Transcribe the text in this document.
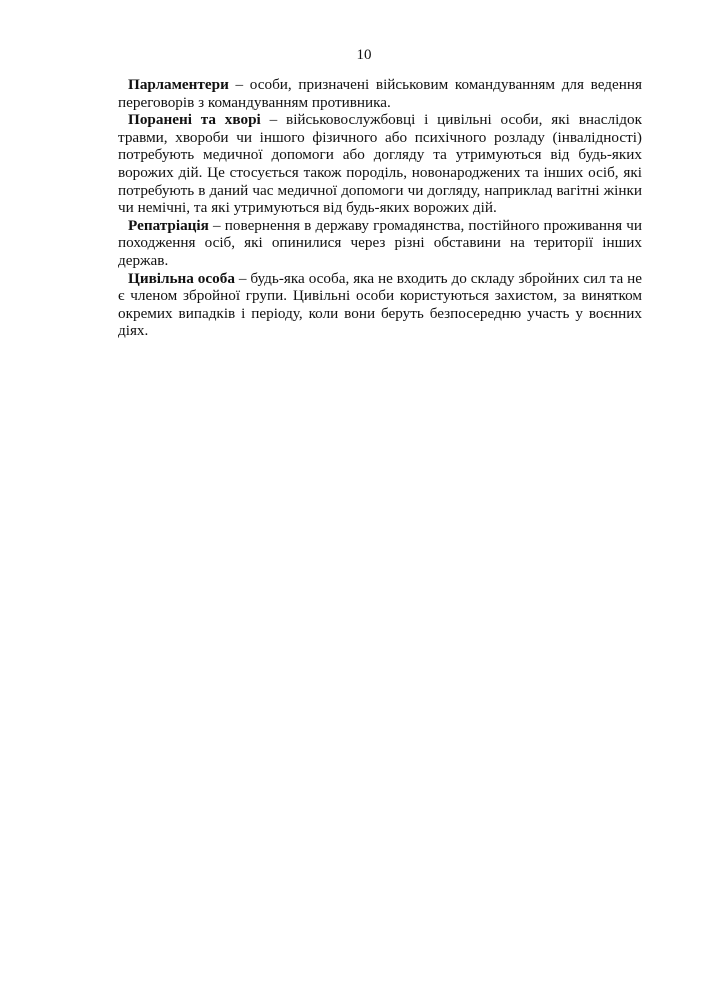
10

Парламентери – особи, призначені військовим командуванням для ведення переговорів з командуванням противника.

Поранені та хворі – військовослужбовці і цивільні особи, які внаслідок травми, хвороби чи іншого фізичного або психічного розладу (інвалідності) потребують медичної допомоги або догляду та утримуються від будь-яких ворожих дій. Це стосується також породіль, новонароджених та інших осіб, які потребують в даний час медичної допомоги чи догляду, наприклад вагітні жінки чи немічні, та які утримуються від будь-яких ворожих дій.

Репатріація – повернення в державу громадянства, постійного проживання чи походження осіб, які опинилися через різні обставини на території інших держав.

Цивільна особа – будь-яка особа, яка не входить до складу збройних сил та не є членом збройної групи. Цивільні особи користуються захистом, за винятком окремих випадків і періоду, коли вони беруть безпосередню участь у воєнних діях.
